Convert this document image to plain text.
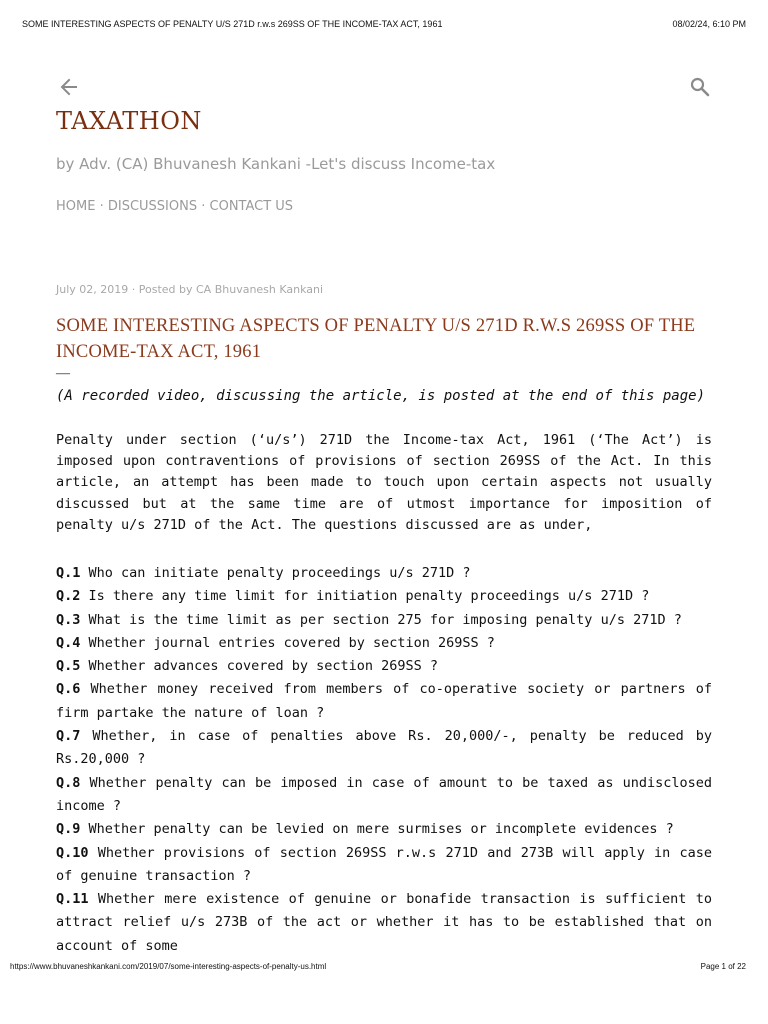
SOME INTERESTING ASPECTS OF PENALTY U/S 271D r.w.s 269SS OF THE INCOME-TAX ACT, 1961	08/02/24, 6:10 PM
TAXATHON
by Adv. (CA) Bhuvanesh Kankani -Let's discuss Income-tax
HOME · DISCUSSIONS · CONTACT US
July 02, 2019 · Posted by CA Bhuvanesh Kankani
SOME INTERESTING ASPECTS OF PENALTY U/S 271D R.W.S 269SS OF THE INCOME-TAX ACT, 1961
—
(A recorded video, discussing the article, is posted at the end of this page)

Penalty under section (‘u/s’) 271D the Income-tax Act, 1961 (‘The Act’) is imposed upon contraventions of provisions of section 269SS of the Act. In this article, an attempt has been made to touch upon certain aspects not usually discussed but at the same time are of utmost importance for imposition of penalty u/s 271D of the Act. The questions discussed are as under,

Q.1 Who can initiate penalty proceedings u/s 271D ?
Q.2 Is there any time limit for initiation penalty proceedings u/s 271D ?
Q.3 What is the time limit as per section 275 for imposing penalty u/s 271D ?
Q.4 Whether journal entries covered by section 269SS ?
Q.5 Whether advances covered by section 269SS ?
Q.6 Whether money received from members of co-operative society or partners of firm partake the nature of loan ?
Q.7 Whether, in case of penalties above Rs. 20,000/-, penalty be reduced by Rs.20,000 ?
Q.8 Whether penalty can be imposed in case of amount to be taxed as undisclosed income ?
Q.9 Whether penalty can be levied on mere surmises or incomplete evidences ?
Q.10 Whether provisions of section 269SS r.w.s 271D and 273B will apply in case of genuine transaction ?
Q.11 Whether mere existence of genuine or bonafide transaction is sufficient to attract relief u/s 273B of the act or whether it has to be established that on account of some
https://www.bhuvaneshkankani.com/2019/07/some-interesting-aspects-of-penalty-us.html	Page 1 of 22
